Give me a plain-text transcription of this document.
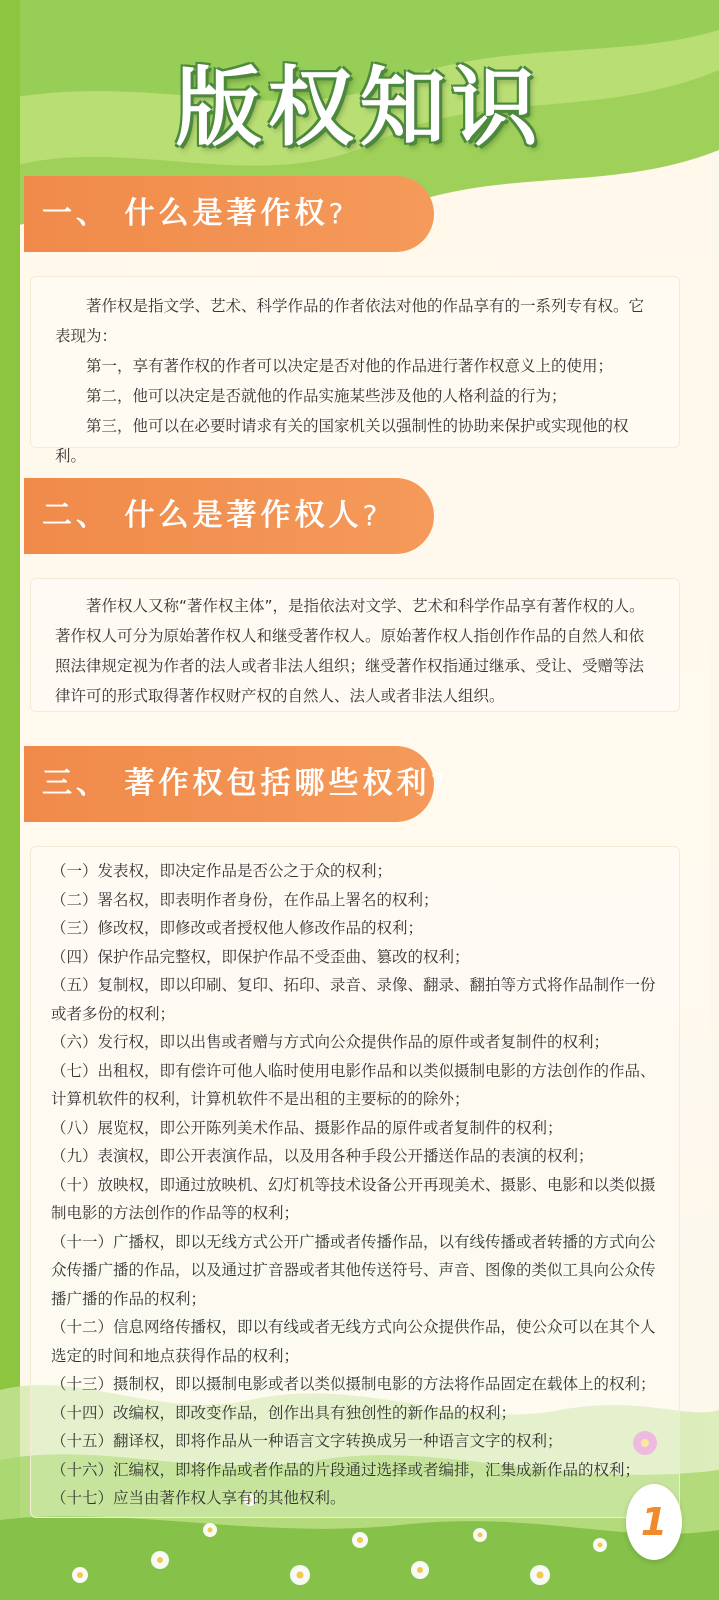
版权知识
一、 什么是著作权?

著作权是指文学、艺术、科学作品的作者依法对他的作品享有的一系列专有权。它表现为：

第一，享有著作权的作者可以决定是否对他的作品进行著作权意义上的使用；

第二，他可以决定是否就他的作品实施某些涉及他的人格利益的行为；

第三，他可以在必要时请求有关的国家机关以强制性的协助来保护或实现他的权利。

二、 什么是著作权人?

著作权人又称“著作权主体”，是指依法对文学、艺术和科学作品享有著作权的人。著作权人可分为原始著作权人和继受著作权人。原始著作权人指创作作品的自然人和依照法律规定视为作者的法人或者非法人组织；继受著作权指通过继承、受让、受赠等法律许可的形式取得著作权财产权的自然人、法人或者非法人组织。

三、 著作权包括哪些权利?

（一）发表权，即决定作品是否公之于众的权利；

（二）署名权，即表明作者身份，在作品上署名的权利；

（三）修改权，即修改或者授权他人修改作品的权利；

（四）保护作品完整权，即保护作品不受歪曲、篡改的权利；

（五）复制权，即以印刷、复印、拓印、录音、录像、翻录、翻拍等方式将作品制作一份或者多份的权利；

（六）发行权，即以出售或者赠与方式向公众提供作品的原件或者复制件的权利；

（七）出租权，即有偿许可他人临时使用电影作品和以类似摄制电影的方法创作的作品、计算机软件的权利，计算机软件不是出租的主要标的的除外；

（八）展览权，即公开陈列美术作品、摄影作品的原件或者复制件的权利；

（九）表演权，即公开表演作品，以及用各种手段公开播送作品的表演的权利；

（十）放映权，即通过放映机、幻灯机等技术设备公开再现美术、摄影、电影和以类似摄制电影的方法创作的作品等的权利；

（十一）广播权，即以无线方式公开广播或者传播作品，以有线传播或者转播的方式向公众传播广播的作品，以及通过扩音器或者其他传送符号、声音、图像的类似工具向公众传播广播的作品的权利；

（十二）信息网络传播权，即以有线或者无线方式向公众提供作品，使公众可以在其个人选定的时间和地点获得作品的权利；

（十三）摄制权，即以摄制电影或者以类似摄制电影的方法将作品固定在载体上的权利；

（十四）改编权，即改变作品，创作出具有独创性的新作品的权利；

（十五）翻译权，即将作品从一种语言文字转换成另一种语言文字的权利；

（十六）汇编权，即将作品或者作品的片段通过选择或者编排，汇集成新作品的权利；

（十七）应当由著作权人享有的其他权利。

1
